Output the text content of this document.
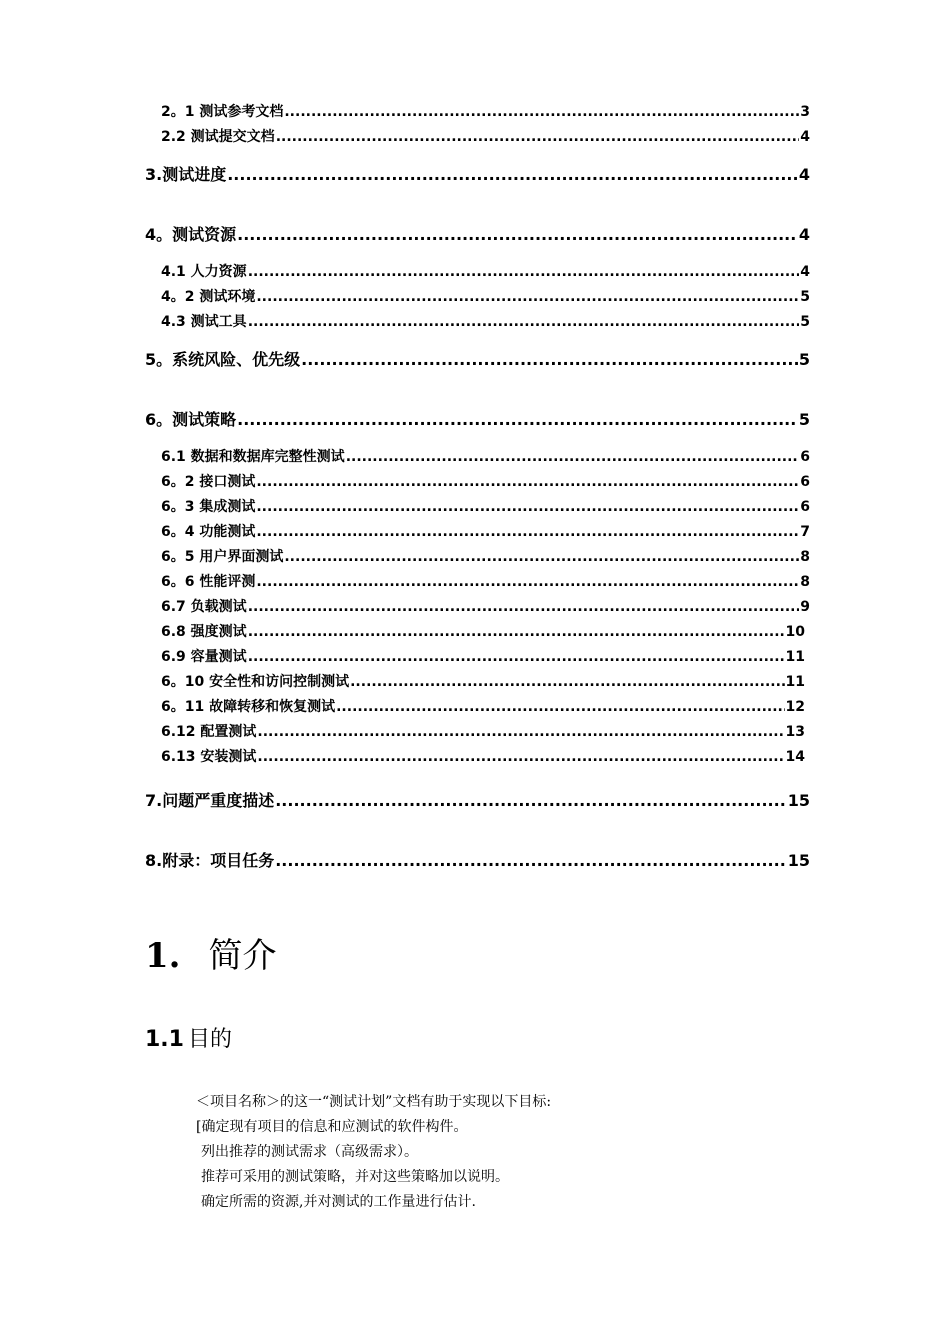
2。1 测试参考文档 .....	3
2.2 测试提交文档 .....	4
3.测试进度 .....	4
4。测试资源 .....	4
4.1 人力资源 .....	4
4。2 测试环境 .....	5
4.3 测试工具 .....	5
5。系统风险、优先级 .....	5
6。测试策略 .....	5
6.1 数据和数据库完整性测试 .....	6
6。2 接口测试 .....	6
6。3 集成测试 .....	6
6。4 功能测试 .....	7
6。5 用户界面测试 .....	8
6。6 性能评测 .....	8
6.7 负载测试 .....	9
6.8 强度测试 .....	10
6.9 容量测试 .....	11
6。10 安全性和访问控制测试 .....	11
6。11 故障转移和恢复测试 .....	12
6.12 配置测试 .....	13
6.13 安装测试 .....	14
7.问题严重度描述 .....	15
8.附录：项目任务 .....	15
1. 简介
1.1 目的
＜项目名称＞的这一“测试计划”文档有助于实现以下目标:
[确定现有项目的信息和应测试的软件构件。
列出推荐的测试需求（高级需求）。
推荐可采用的测试策略，并对这些策略加以说明。
确定所需的资源,并对测试的工作量进行估计.
